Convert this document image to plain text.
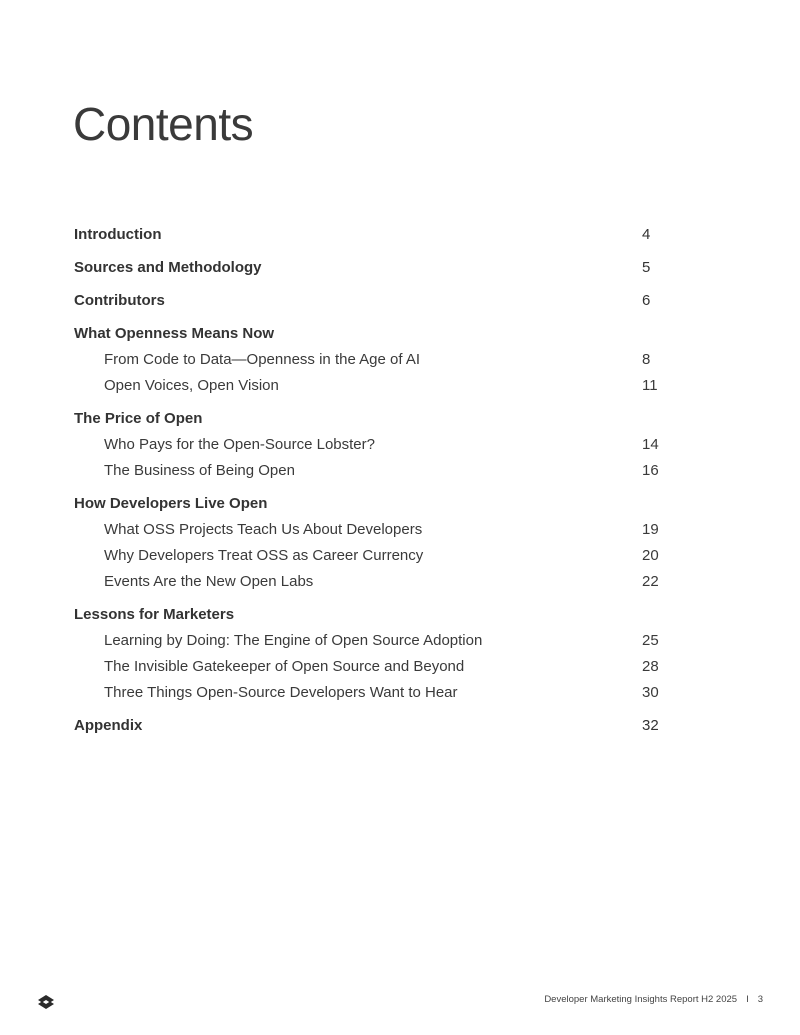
Contents
Introduction	4
Sources and Methodology	5
Contributors	6
What Openness Means Now
From Code to Data—Openness in the Age of AI	8
Open Voices, Open Vision	11
The Price of Open
Who Pays for the Open-Source Lobster?	14
The Business of Being Open	16
How Developers Live Open
What OSS Projects Teach Us About Developers	19
Why Developers Treat OSS as Career Currency	20
Events Are the New Open Labs	22
Lessons for Marketers
Learning by Doing: The Engine of Open Source Adoption	25
The Invisible Gatekeeper of Open Source and Beyond	28
Three Things Open-Source Developers Want to Hear	30
Appendix	32
Developer Marketing Insights Report H2 2025 I 3
